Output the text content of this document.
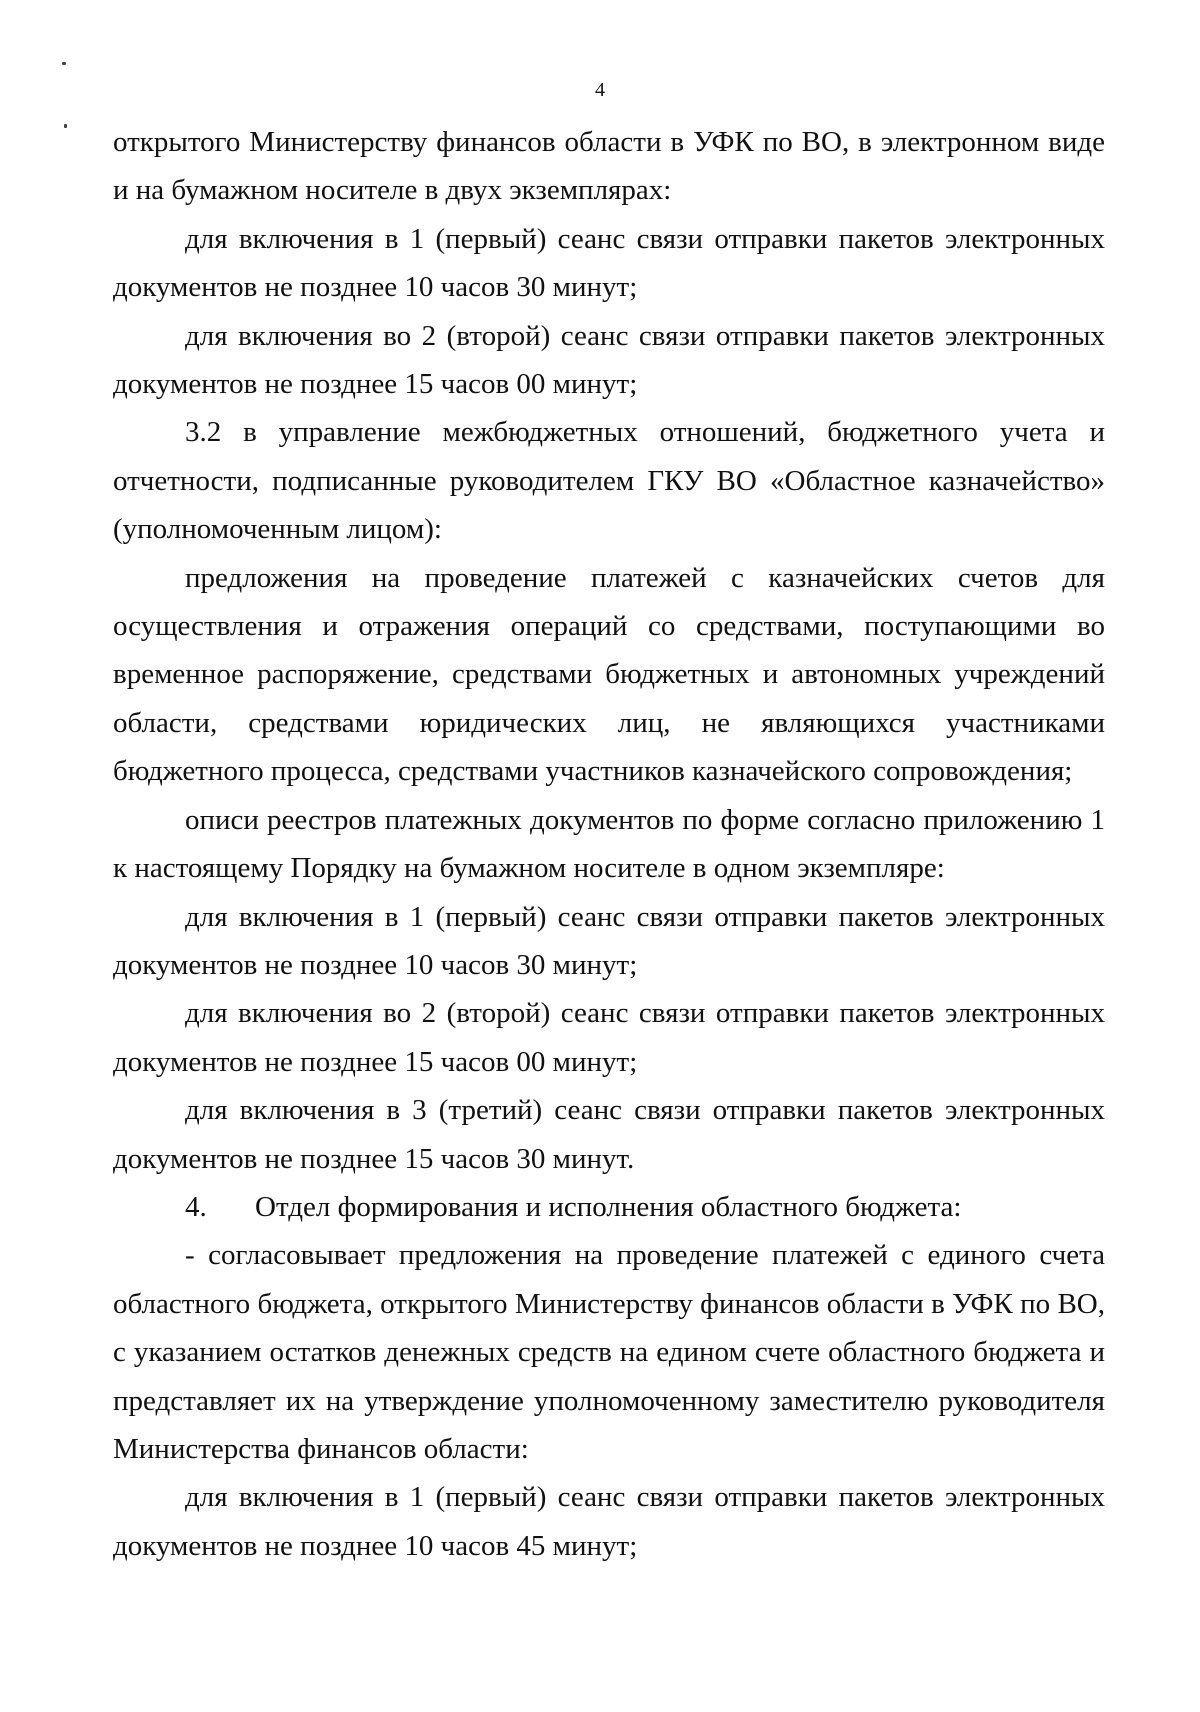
4

открытого Министерству финансов области в УФК по ВО, в электронном виде и на бумажном носителе в двух экземплярах:

для включения в 1 (первый) сеанс связи отправки пакетов электронных документов не позднее 10 часов 30 минут;

для включения во 2 (второй) сеанс связи отправки пакетов электронных документов не позднее 15 часов 00 минут;

3.2 в управление межбюджетных отношений, бюджетного учета и отчетности, подписанные руководителем ГКУ ВО «Областное казначейство» (уполномоченным лицом):

предложения на проведение платежей с казначейских счетов для осуществления и отражения операций со средствами, поступающими во временное распоряжение, средствами бюджетных и автономных учреждений области, средствами юридических лиц, не являющихся участниками бюджетного процесса, средствами участников казначейского сопровождения;

описи реестров платежных документов по форме согласно приложению 1 к настоящему Порядку на бумажном носителе в одном экземпляре:

для включения в 1 (первый) сеанс связи отправки пакетов электронных документов не позднее 10 часов 30 минут;

для включения во 2 (второй) сеанс связи отправки пакетов электронных документов не позднее 15 часов 00 минут;

для включения в 3 (третий) сеанс связи отправки пакетов электронных документов не позднее 15 часов 30 минут.

4. Отдел формирования и исполнения областного бюджета:

- согласовывает предложения на проведение платежей с единого счета областного бюджета, открытого Министерству финансов области в УФК по ВО, с указанием остатков денежных средств на едином счете областного бюджета и представляет их на утверждение уполномоченному заместителю руководителя Министерства финансов области:

для включения в 1 (первый) сеанс связи отправки пакетов электронных документов не позднее 10 часов 45 минут;
